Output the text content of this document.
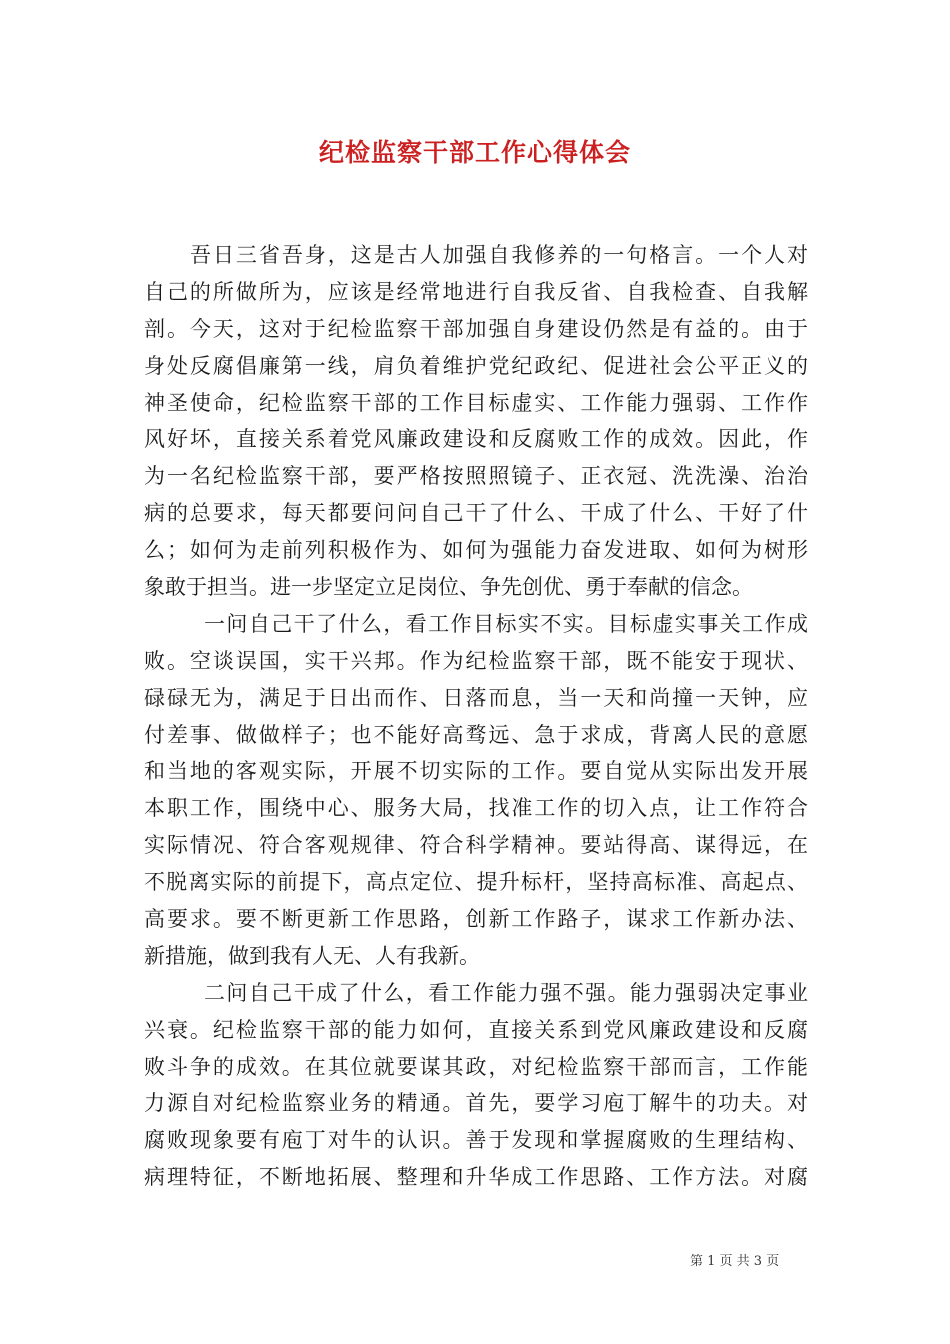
纪检监察干部工作心得体会
吾日三省吾身，这是古人加强自我修养的一句格言。一个人对
自己的所做所为，应该是经常地进行自我反省、自我检查、自我解
剖。今天，这对于纪检监察干部加强自身建设仍然是有益的。由于
身处反腐倡廉第一线，肩负着维护党纪政纪、促进社会公平正义的
神圣使命，纪检监察干部的工作目标虚实、工作能力强弱、工作作
风好坏，直接关系着党风廉政建设和反腐败工作的成效。因此，作
为一名纪检监察干部，要严格按照照镜子、正衣冠、洗洗澡、治治
病的总要求，每天都要问问自己干了什么、干成了什么、干好了什
么；如何为走前列积极作为、如何为强能力奋发进取、如何为树形
象敢于担当。进一步坚定立足岗位、争先创优、勇于奉献的信念。
一问自己干了什么，看工作目标实不实。目标虚实事关工作成
败。空谈误国，实干兴邦。作为纪检监察干部，既不能安于现状、
碌碌无为，满足于日出而作、日落而息，当一天和尚撞一天钟，应
付差事、做做样子；也不能好高骛远、急于求成，背离人民的意愿
和当地的客观实际，开展不切实际的工作。要自觉从实际出发开展
本职工作，围绕中心、服务大局，找准工作的切入点，让工作符合
实际情况、符合客观规律、符合科学精神。要站得高、谋得远，在
不脱离实际的前提下，高点定位、提升标杆，坚持高标准、高起点、
高要求。要不断更新工作思路，创新工作路子，谋求工作新办法、
新措施，做到我有人无、人有我新。
二问自己干成了什么，看工作能力强不强。能力强弱决定事业
兴衰。纪检监察干部的能力如何，直接关系到党风廉政建设和反腐
败斗争的成效。在其位就要谋其政，对纪检监察干部而言，工作能
力源自对纪检监察业务的精通。首先，要学习庖丁解牛的功夫。对
腐败现象要有庖丁对牛的认识。善于发现和掌握腐败的生理结构、
病理特征，不断地拓展、整理和升华成工作思路、工作方法。对腐
第 1 页 共 3 页
